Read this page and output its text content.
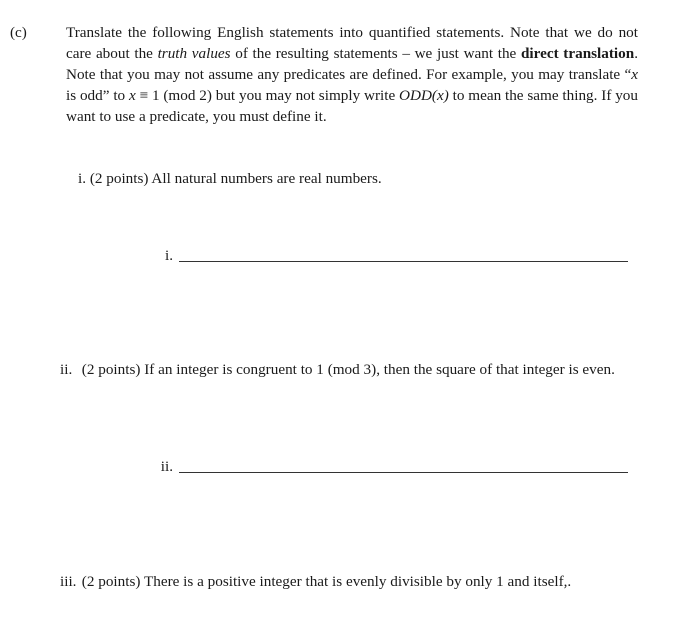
(c)	Translate the following English statements into quantified statements. Note that we do not care about the truth values of the resulting statements – we just want the direct translation. Note that you may not assume any predicates are defined. For example, you may translate “x is odd” to x ≡ 1 (mod 2) but you may not simply write ODD(x) to mean the same thing. If you want to use a predicate, you must define it.

i. (2 points) All natural numbers are real numbers.
i.
ii. (2 points) If an integer is congruent to 1 (mod 3), then the square of that integer is even.
ii.
iii. (2 points) There is a positive integer that is evenly divisible by only 1 and itself,.
